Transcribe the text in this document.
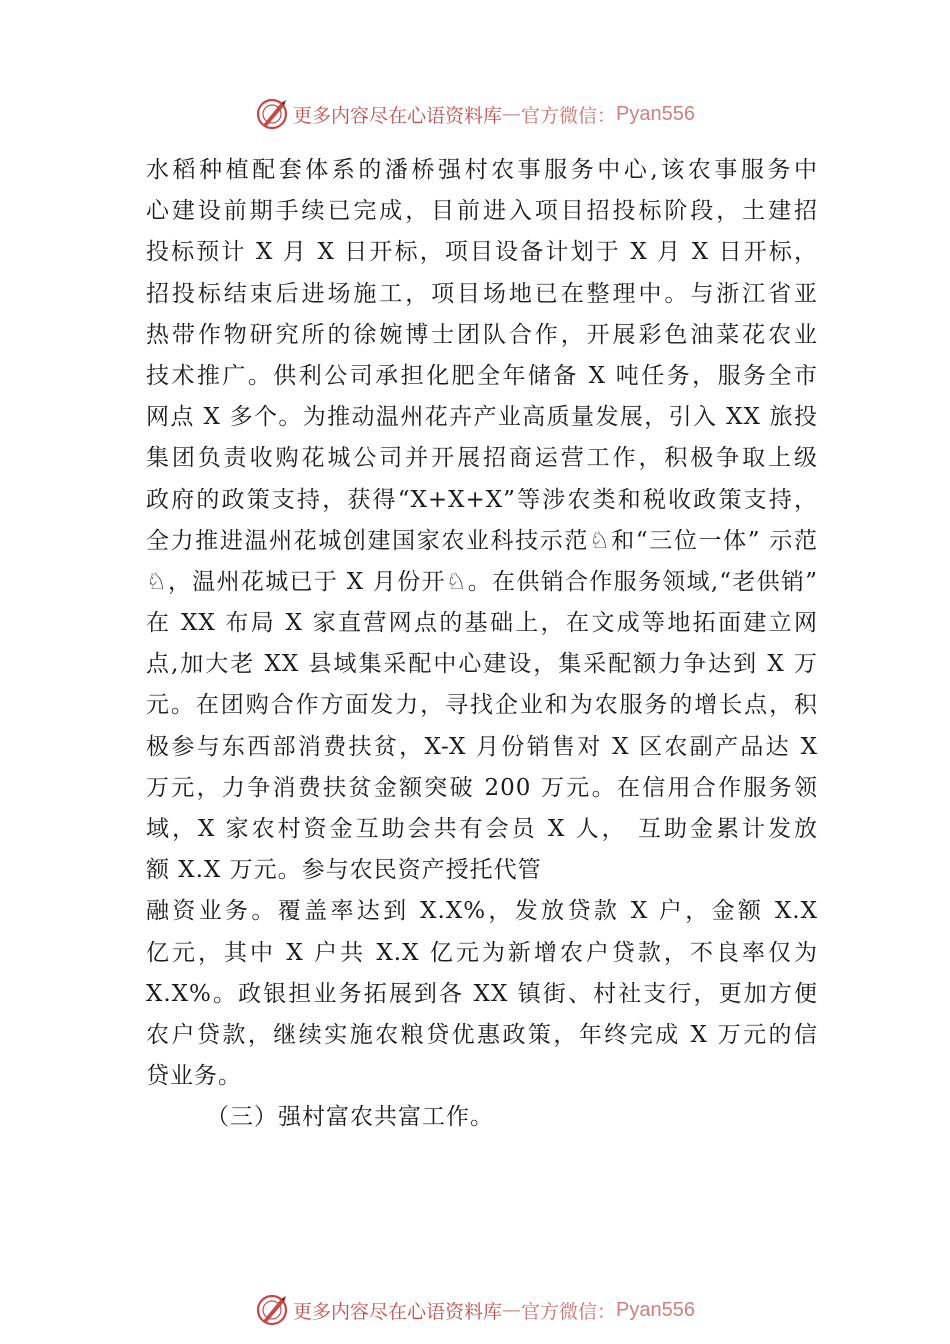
更多内容尽在心语资料库 — 官方微信： Pyan556
水稻种植配套体系的潘桥强村农事服务中心,该农事服务中
心建设前期手续已完成，目前进入项目招投标阶段，土建招
投标预计 X 月 X 日开标，项目设备计划于 X 月 X 日开标，
招投标结束后进场施工，项目场地已在整理中。与浙江省亚
热带作物研究所的徐婉博士团队合作，开展彩色油菜花农业
技术推广。供利公司承担化肥全年储备 X 吨任务，服务全市
网点 X 多个。为推动温州花卉产业高质量发展，引入 XX 旅投
集团负责收购花城公司并开展招商运营工作，积极争取上级
政府的政策支持，获得“X+X+X”等涉农类和税收政策支持，
全力推进温州花城创建国家农业科技示范♘和“三位一体” 示范
♘，温州花城已于 X 月份开♘。在供销合作服务领域,“老供销”
在 XX 布局 X 家直营网点的基础上，在文成等地拓面建立网
点,加大老 XX 县域集采配中心建设，集采配额力争达到 X 万
元。在团购合作方面发力，寻找企业和为农服务的增长点，积
极参与东西部消费扶贫，X-X 月份销售对 X 区农副产品达 X
万元，力争消费扶贫金额突破 200 万元。在信用合作服务领
域，X 家农村资金互助会共有会员 X 人， 互助金累计发放
额 X.X 万元。参与农民资产授托代管
融资业务。覆盖率达到 X.X%，发放贷款 X 户，金额 X.X
亿元，其中 X 户共 X.X 亿元为新增农户贷款，不良率仅为
X.X%。政银担业务拓展到各 XX 镇街、村社支行，更加方便
农户贷款，继续实施农粮贷优惠政策，年终完成 X 万元的信
贷业务。
（三）强村富农共富工作。
更多内容尽在心语资料库 — 官方微信： Pyan556
